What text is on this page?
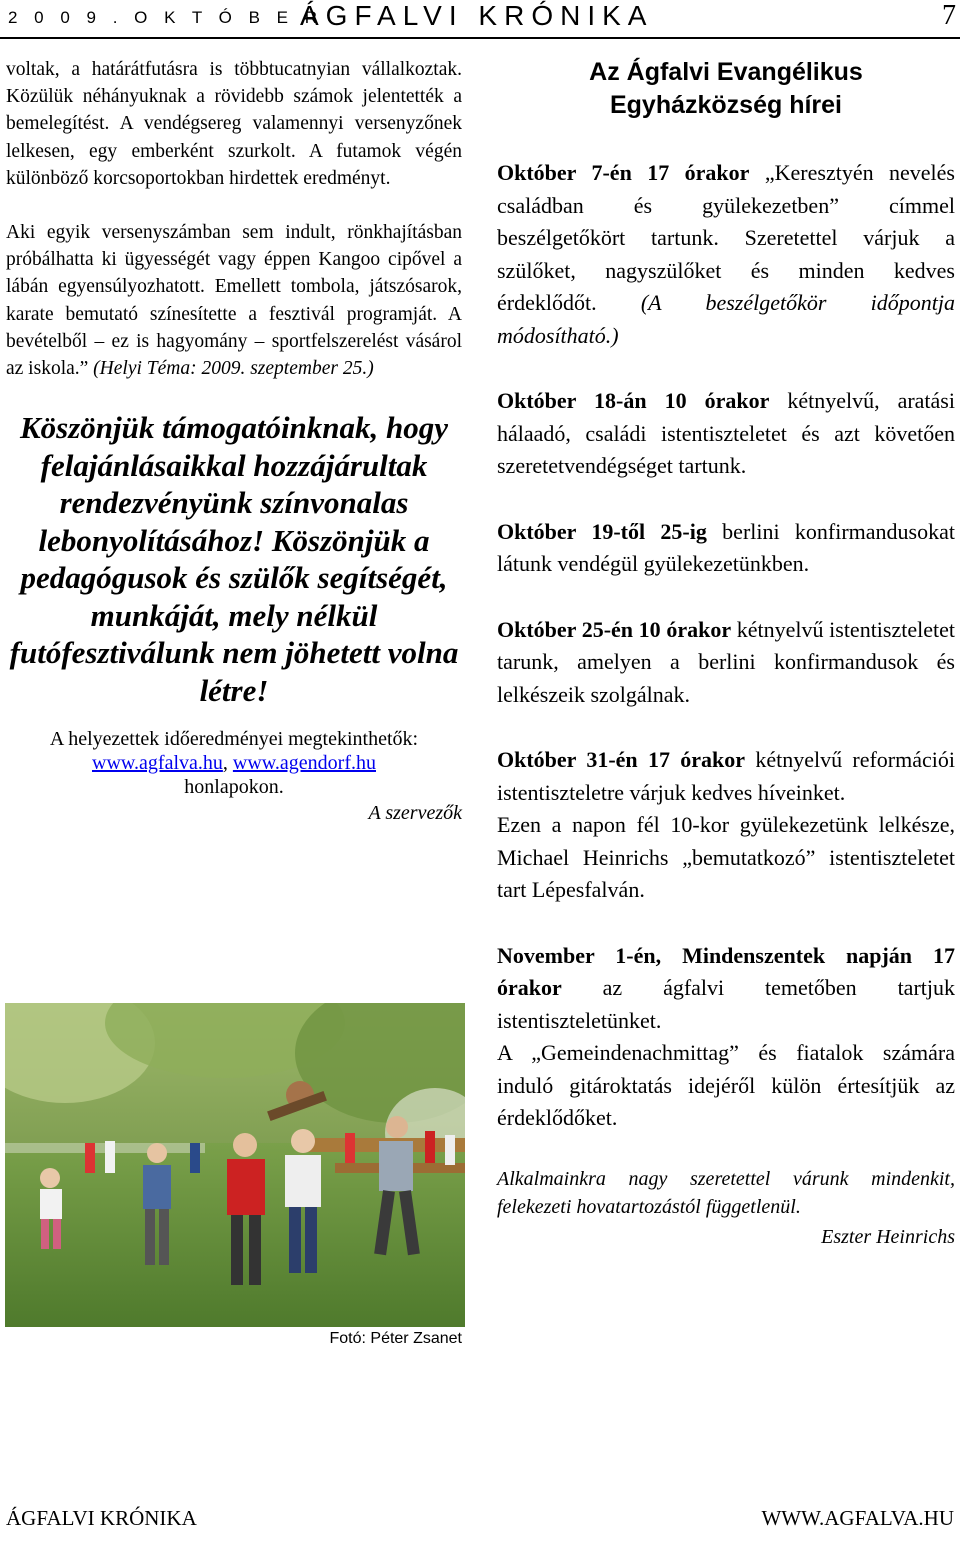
2 0 0 9 . O K T Ó B E R
ÁGFALVI KRÓNIKA	7

voltak, a határátfutásra is többtucatnyian vállalkoztak. Közülük néhányuknak a rövidebb számok jelentették a bemelegítést. A vendégsereg valamennyi versenyzőnek lelkesen, egy emberként szurkolt. A futamok végén különböző korcsoportokban hirdettek eredményt.

Aki egyik versenyszámban sem indult, rönkhajításban próbálhatta ki ügyességét vagy éppen Kangoo cipővel a lábán egyensúlyozhatott. Emellett tombola, játszósarok, karate bemutató színesítette a fesztivál programját. A bevételből – ez is hagyomány – sportfelszerelést vásárol az iskola.” (Helyi Téma: 2009. szeptember 25.)

Köszönjük támogatóinknak, hogy felajánlásaikkal hozzájárultak rendezvényünk színvonalas lebonyolításához! Köszönjük a pedagógusok és szülők segítségét, munkáját, mely nélkül futófesztiválunk nem jöhetett volna létre!

A helyezettek időeredményei megtekinthetők:
www.agfalva.hu, www.agendorf.hu
honlapokon.
A szervezők
Fotó: Péter Zsanet
Az Ágfalvi Evangélikus
Egyházközség hírei

Október 7-én 17 órakor „Keresztyén nevelés családban és gyülekezetben” címmel beszélgetőkört tartunk. Szeretettel várjuk a szülőket, nagyszülőket és minden kedves érdeklődőt. (A beszélgetőkör időpontja módosítható.)

Október 18-án 10 órakor kétnyelvű, aratási hálaadó, családi istentiszteletet és azt követően szeretetvendégséget tartunk.

Október 19-től 25-ig berlini konfirmandusokat látunk vendégül gyülekezetünkben.

Október 25-én 10 órakor kétnyelvű istentiszteletet tarunk, amelyen a berlini konfirmandusok és lelkészeik szolgálnak.

Október 31-én 17 órakor kétnyelvű reformációi istentiszteletre várjuk kedves híveinket.

Ezen a napon fél 10-kor gyülekezetünk lelkésze, Michael Heinrichs „bemutatkozó” istentiszteletet tart Lépesfalván.

November 1-én, Mindenszentek napján 17 órakor az ágfalvi temetőben tartjuk istentiszteletünket.

A „Gemeindenachmittag” és fiatalok számára induló gitároktatás idejéről külön értesítjük az érdeklődőket.

Alkalmainkra nagy szeretettel várunk mindenkit, felekezeti hovatartozástól függetlenül.

Eszter Heinrichs
ÁGFALVI KRÓNIKA	WWW.AGFALVA.HU
